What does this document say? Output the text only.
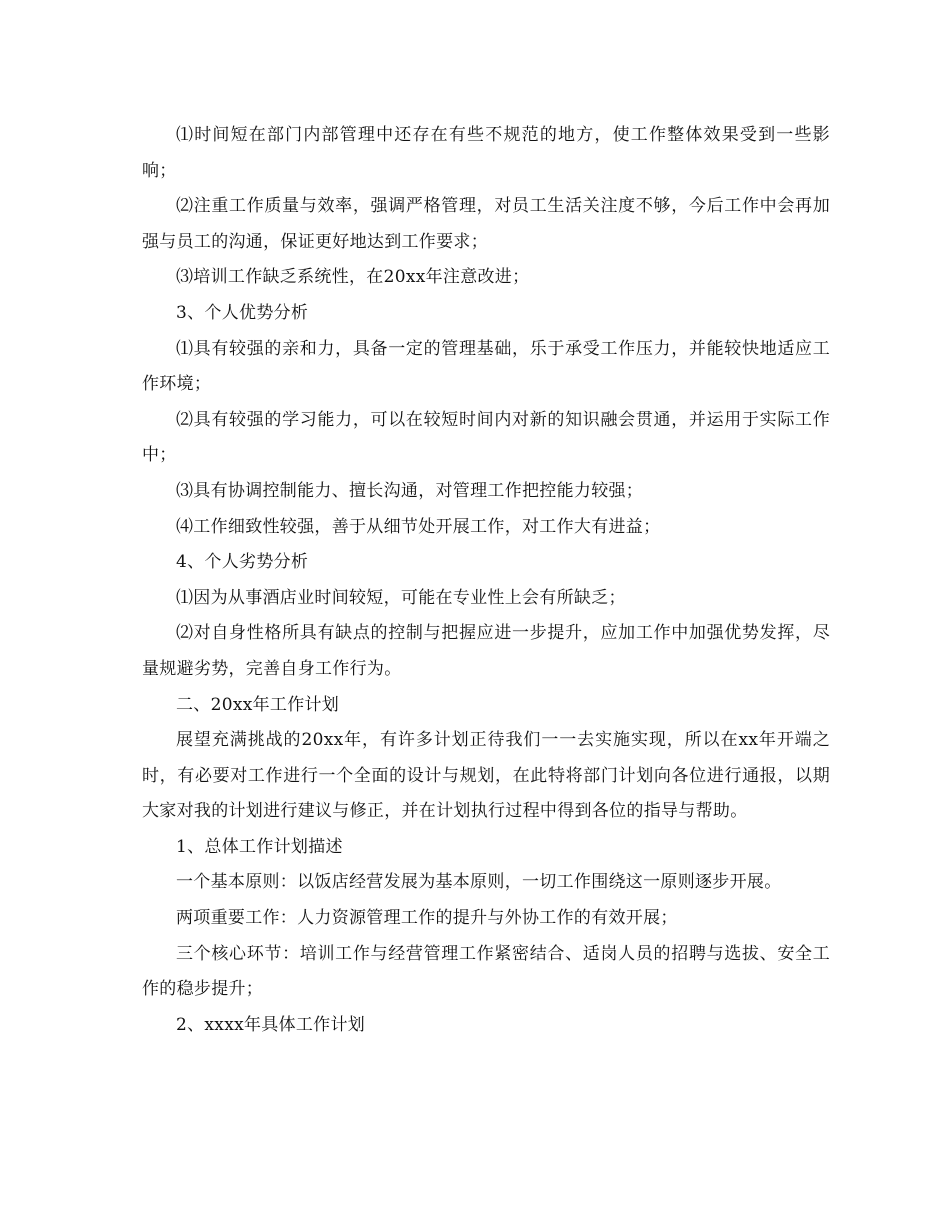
⑴时间短在部门内部管理中还存在有些不规范的地方，使工作整体效果受到一些影响；

⑵注重工作质量与效率，强调严格管理，对员工生活关注度不够，今后工作中会再加强与员工的沟通，保证更好地达到工作要求；

⑶培训工作缺乏系统性，在20xx年注意改进；

3、个人优势分析

⑴具有较强的亲和力，具备一定的管理基础，乐于承受工作压力，并能较快地适应工作环境；

⑵具有较强的学习能力，可以在较短时间内对新的知识融会贯通，并运用于实际工作中；

⑶具有协调控制能力、擅长沟通，对管理工作把控能力较强；

⑷工作细致性较强，善于从细节处开展工作，对工作大有进益；

4、个人劣势分析

⑴因为从事酒店业时间较短，可能在专业性上会有所缺乏；

⑵对自身性格所具有缺点的控制与把握应进一步提升，应加工作中加强优势发挥，尽量规避劣势，完善自身工作行为。

二、20xx年工作计划

展望充满挑战的20xx年，有许多计划正待我们一一去实施实现，所以在xx年开端之时，有必要对工作进行一个全面的设计与规划，在此特将部门计划向各位进行通报，以期大家对我的计划进行建议与修正，并在计划执行过程中得到各位的指导与帮助。

1、总体工作计划描述

一个基本原则：以饭店经营发展为基本原则，一切工作围绕这一原则逐步开展。

两项重要工作：人力资源管理工作的提升与外协工作的有效开展；

三个核心环节：培训工作与经营管理工作紧密结合、适岗人员的招聘与选拔、安全工作的稳步提升；

2、xxxx年具体工作计划
